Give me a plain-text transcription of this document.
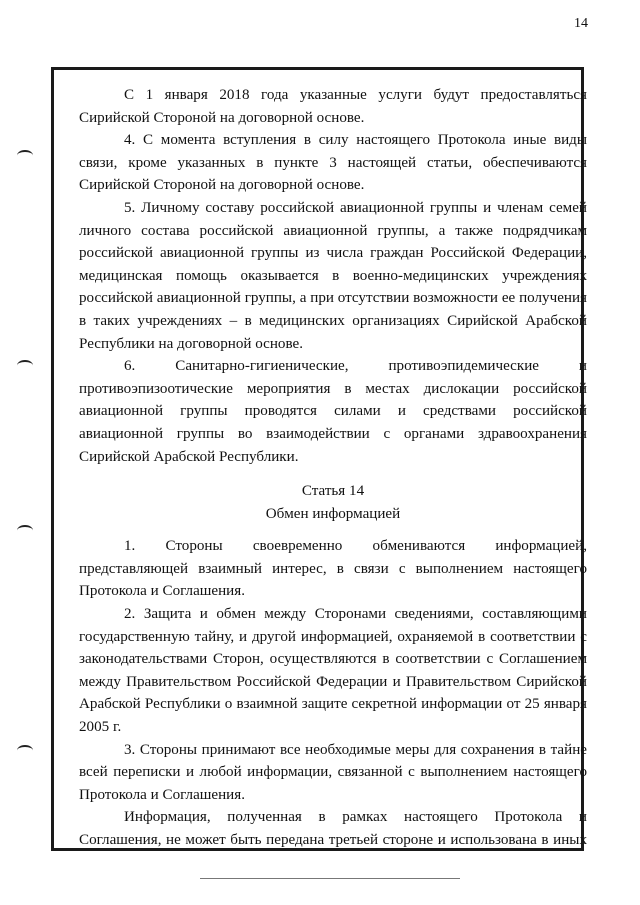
14

С 1 января 2018 года указанные услуги будут предоставляться Сирийской Стороной на договорной основе.

4. С момента вступления в силу настоящего Протокола иные виды связи, кроме указанных в пункте 3 настоящей статьи, обеспечиваются Сирийской Стороной на договорной основе.

5. Личному составу российской авиационной группы и членам семей личного состава российской авиационной группы, а также подрядчикам российской авиационной группы из числа граждан Российской Федерации, медицинская помощь оказывается в военно-медицинских учреждениях российской авиационной группы, а при отсутствии возможности ее получения в таких учреждениях – в медицинских организациях Сирийской Арабской Республики на договорной основе.

6. Санитарно-гигиенические, противоэпидемические и противоэпизоотические мероприятия в местах дислокации российской авиационной группы проводятся силами и средствами российской авиационной группы во взаимодействии с органами здравоохранения Сирийской Арабской Республики.

Статья 14

Обмен информацией

1. Стороны своевременно обмениваются информацией, представляющей взаимный интерес, в связи с выполнением настоящего Протокола и Соглашения.

2. Защита и обмен между Сторонами сведениями, составляющими государственную тайну, и другой информацией, охраняемой в соответствии с законодательствами Сторон, осуществляются в соответствии с Соглашением между Правительством Российской Федерации и Правительством Сирийской Арабской Республики о взаимной защите секретной информации от 25 января 2005 г.

3. Стороны принимают все необходимые меры для сохранения в тайне всей переписки и любой информации, связанной с выполнением настоящего Протокола и Соглашения.

Информация, полученная в рамках настоящего Протокола и Соглашения, не может быть передана третьей стороне и использована в иных
